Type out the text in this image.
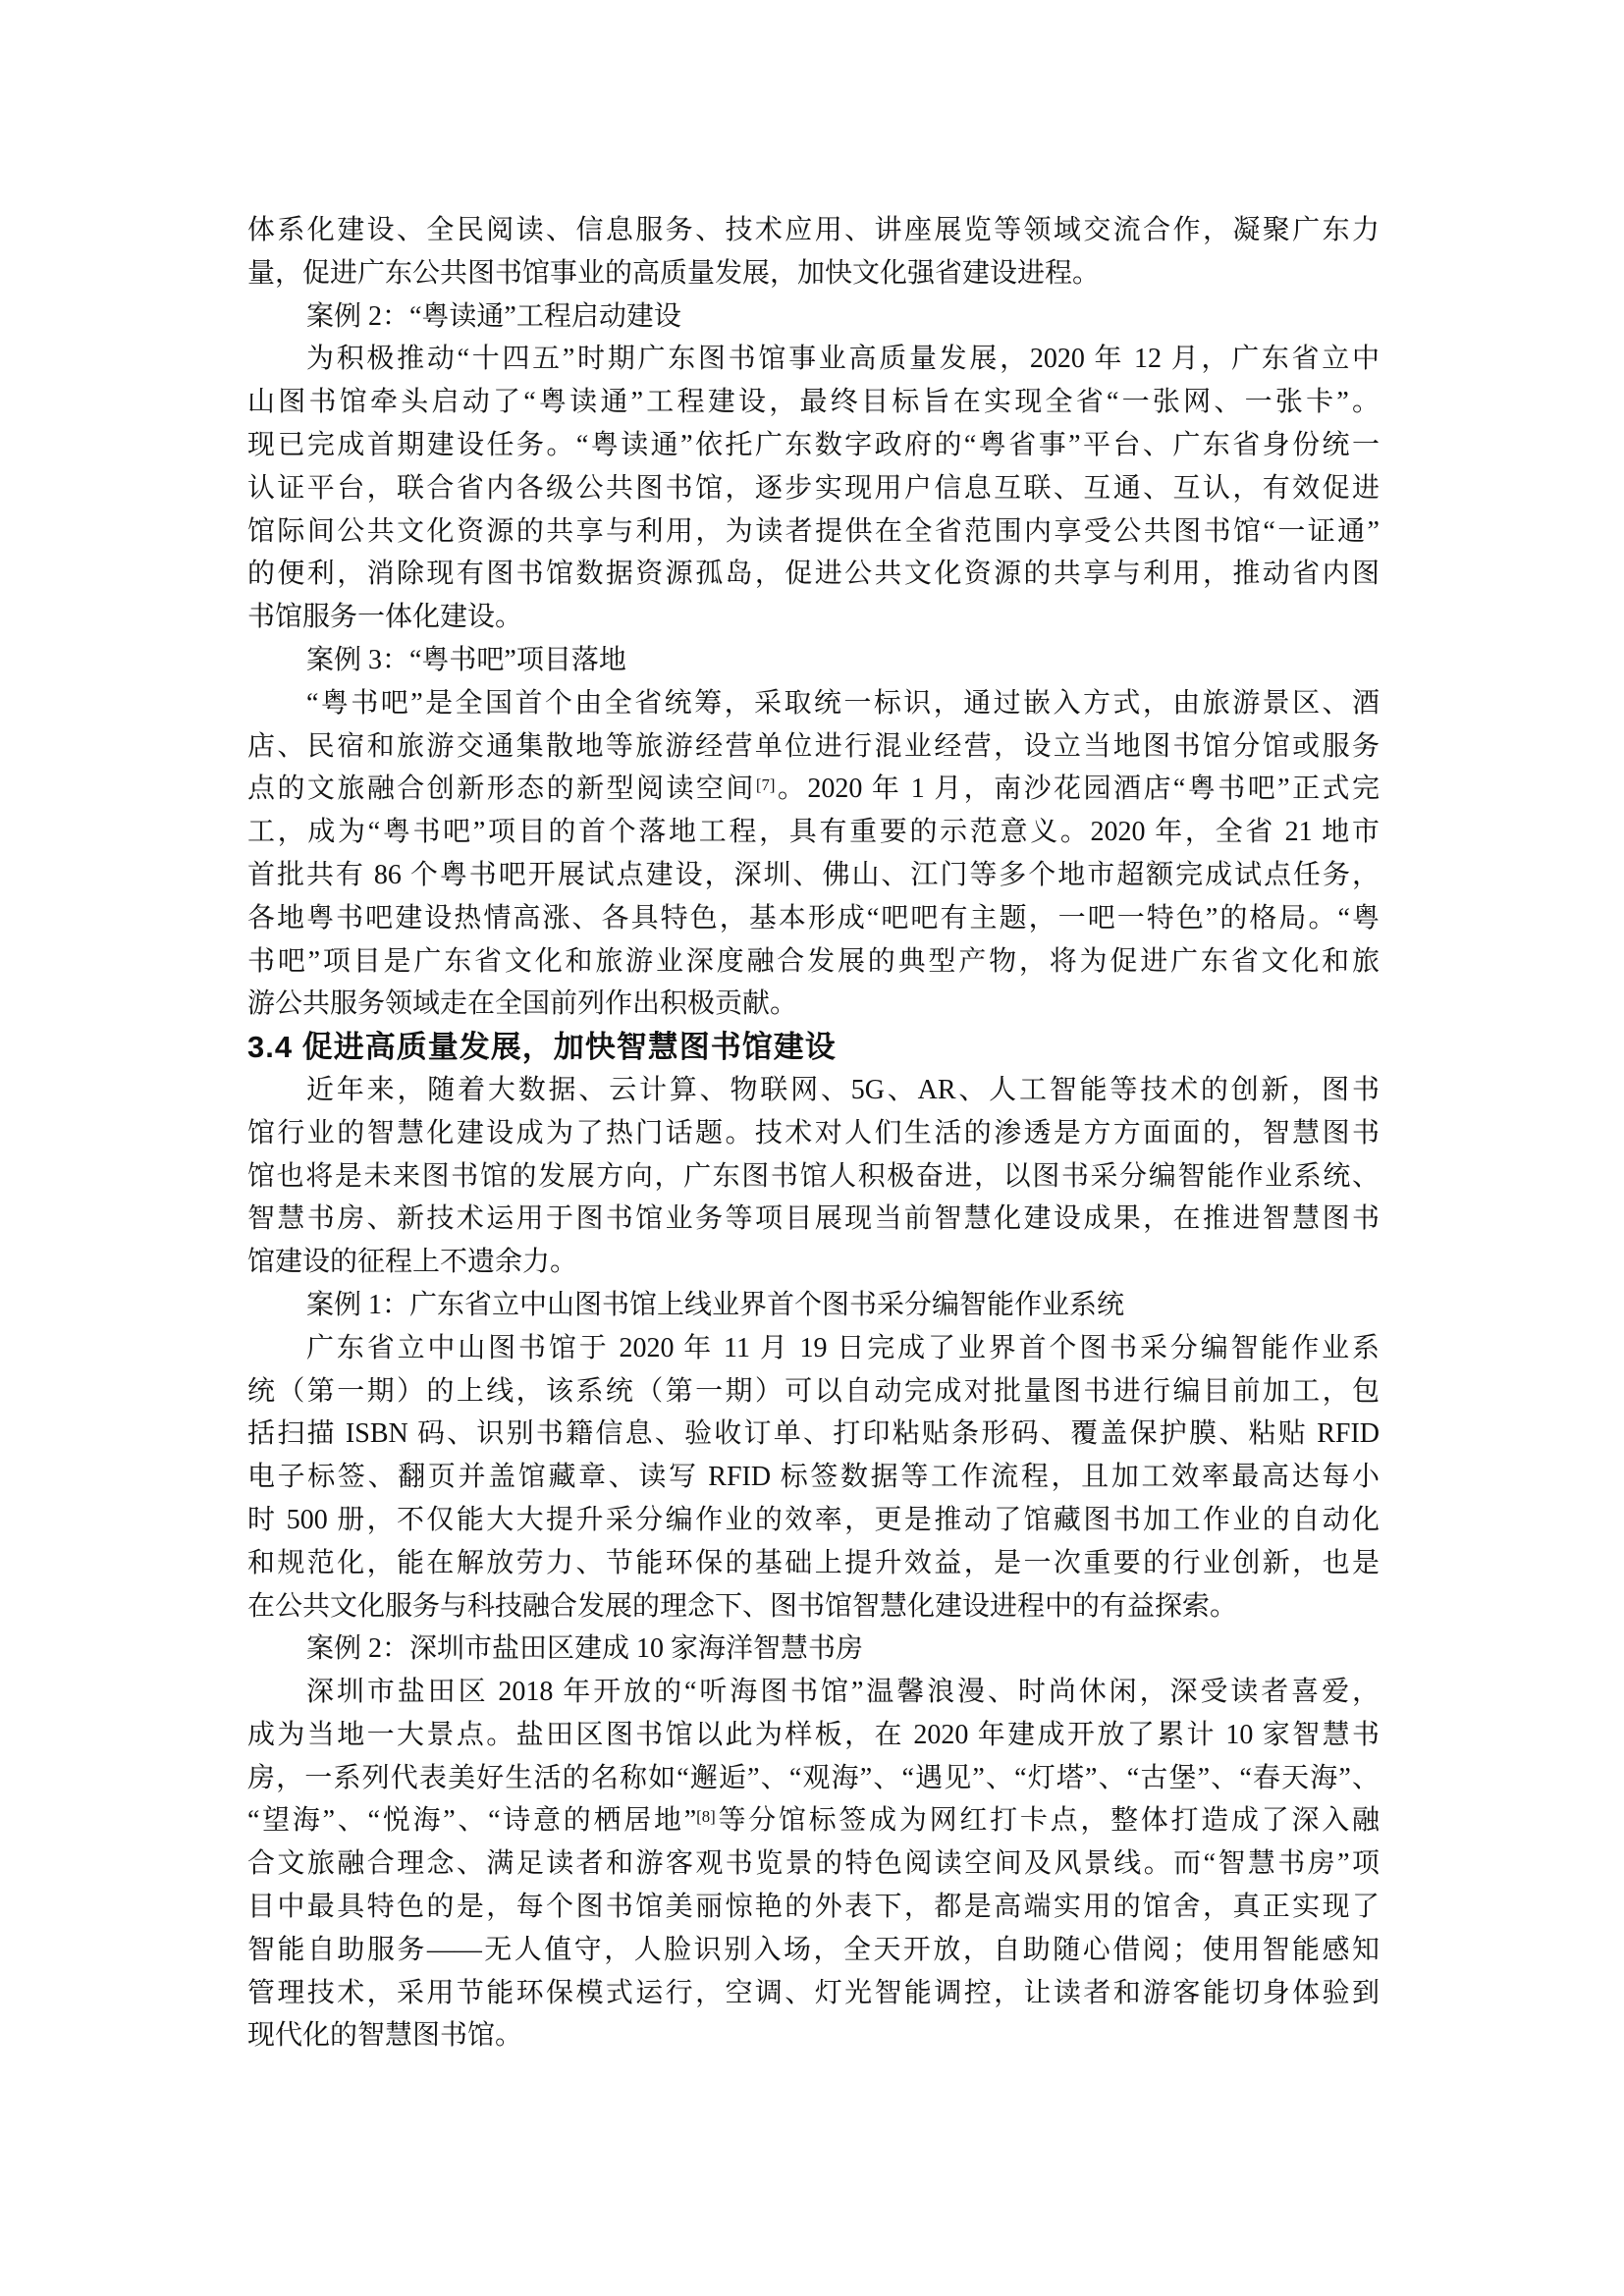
体系化建设、全民阅读、信息服务、技术应用、讲座展览等领域交流合作，凝聚广东力
量，促进广东公共图书馆事业的高质量发展，加快文化强省建设进程。
案例 2：“粤读通”工程启动建设
为积极推动“十四五”时期广东图书馆事业高质量发展，2020 年 12 月，广东省立中
山图书馆牵头启动了“粤读通”工程建设，最终目标旨在实现全省“一张网、一张卡”。
现已完成首期建设任务。“粤读通”依托广东数字政府的“粤省事”平台、广东省身份统一
认证平台，联合省内各级公共图书馆，逐步实现用户信息互联、互通、互认，有效促进
馆际间公共文化资源的共享与利用，为读者提供在全省范围内享受公共图书馆“一证通”
的便利，消除现有图书馆数据资源孤岛，促进公共文化资源的共享与利用，推动省内图
书馆服务一体化建设。
案例 3：“粤书吧”项目落地
“粤书吧”是全国首个由全省统筹，采取统一标识，通过嵌入方式，由旅游景区、酒
店、民宿和旅游交通集散地等旅游经营单位进行混业经营，设立当地图书馆分馆或服务
点的文旅融合创新形态的新型阅读空间[7]。2020 年 1 月，南沙花园酒店“粤书吧”正式完
工，成为“粤书吧”项目的首个落地工程，具有重要的示范意义。2020 年，全省 21 地市
首批共有 86 个粤书吧开展试点建设，深圳、佛山、江门等多个地市超额完成试点任务，
各地粤书吧建设热情高涨、各具特色，基本形成“吧吧有主题，一吧一特色”的格局。“粤
书吧”项目是广东省文化和旅游业深度融合发展的典型产物，将为促进广东省文化和旅
游公共服务领域走在全国前列作出积极贡献。
3.4 促进高质量发展，加快智慧图书馆建设
近年来，随着大数据、云计算、物联网、5G、AR、人工智能等技术的创新，图书
馆行业的智慧化建设成为了热门话题。技术对人们生活的渗透是方方面面的，智慧图书
馆也将是未来图书馆的发展方向，广东图书馆人积极奋进，以图书采分编智能作业系统、
智慧书房、新技术运用于图书馆业务等项目展现当前智慧化建设成果，在推进智慧图书
馆建设的征程上不遗余力。
案例 1：广东省立中山图书馆上线业界首个图书采分编智能作业系统
广东省立中山图书馆于 2020 年 11 月 19 日完成了业界首个图书采分编智能作业系
统（第一期）的上线，该系统（第一期）可以自动完成对批量图书进行编目前加工，包
括扫描 ISBN 码、识别书籍信息、验收订单、打印粘贴条形码、覆盖保护膜、粘贴 RFID
电子标签、翻页并盖馆藏章、读写 RFID 标签数据等工作流程，且加工效率最高达每小
时 500 册，不仅能大大提升采分编作业的效率，更是推动了馆藏图书加工作业的自动化
和规范化，能在解放劳力、节能环保的基础上提升效益，是一次重要的行业创新，也是
在公共文化服务与科技融合发展的理念下、图书馆智慧化建设进程中的有益探索。
案例 2：深圳市盐田区建成 10 家海洋智慧书房
深圳市盐田区 2018 年开放的“听海图书馆”温馨浪漫、时尚休闲，深受读者喜爱，
成为当地一大景点。盐田区图书馆以此为样板，在 2020 年建成开放了累计 10 家智慧书
房，一系列代表美好生活的名称如“邂逅”、“观海”、“遇见”、“灯塔”、“古堡”、“春天海”、
“望海”、“悦海”、“诗意的栖居地”[8]等分馆标签成为网红打卡点，整体打造成了深入融
合文旅融合理念、满足读者和游客观书览景的特色阅读空间及风景线。而“智慧书房”项
目中最具特色的是，每个图书馆美丽惊艳的外表下，都是高端实用的馆舍，真正实现了
智能自助服务——无人值守，人脸识别入场，全天开放，自助随心借阅；使用智能感知
管理技术，采用节能环保模式运行，空调、灯光智能调控，让读者和游客能切身体验到
现代化的智慧图书馆。
